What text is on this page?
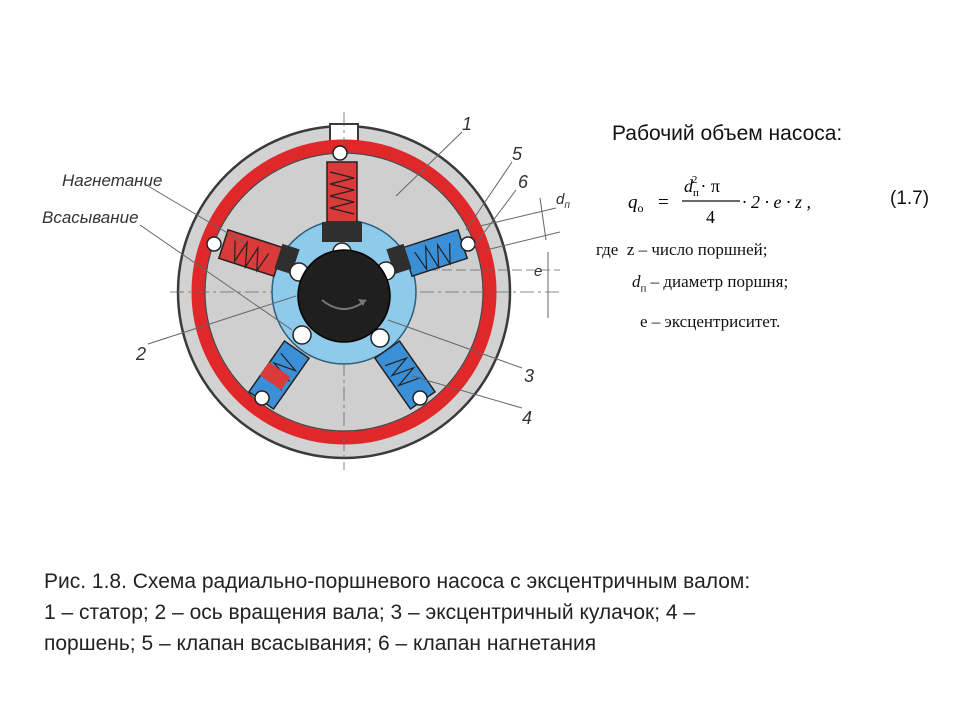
Нагнетание
Всасывание
1
2
3
4
5
6
$d_п$
e
Рабочий объем насоса:
$q_о$ =
$d_п2 \cdot \pi$
4
· 2 · e · z ,	(1.7)
где z – число поршней;
$d_п$ – диаметр поршня;
e – эксцентриситет.
Рис. 1.8. Схема радиально-поршневого насоса с эксцентричным валом:
1 – статор; 2 – ось вращения вала; 3 – эксцентричный кулачок; 4 –
поршень; 5 – клапан всасывания; 6 – клапан нагнетания
